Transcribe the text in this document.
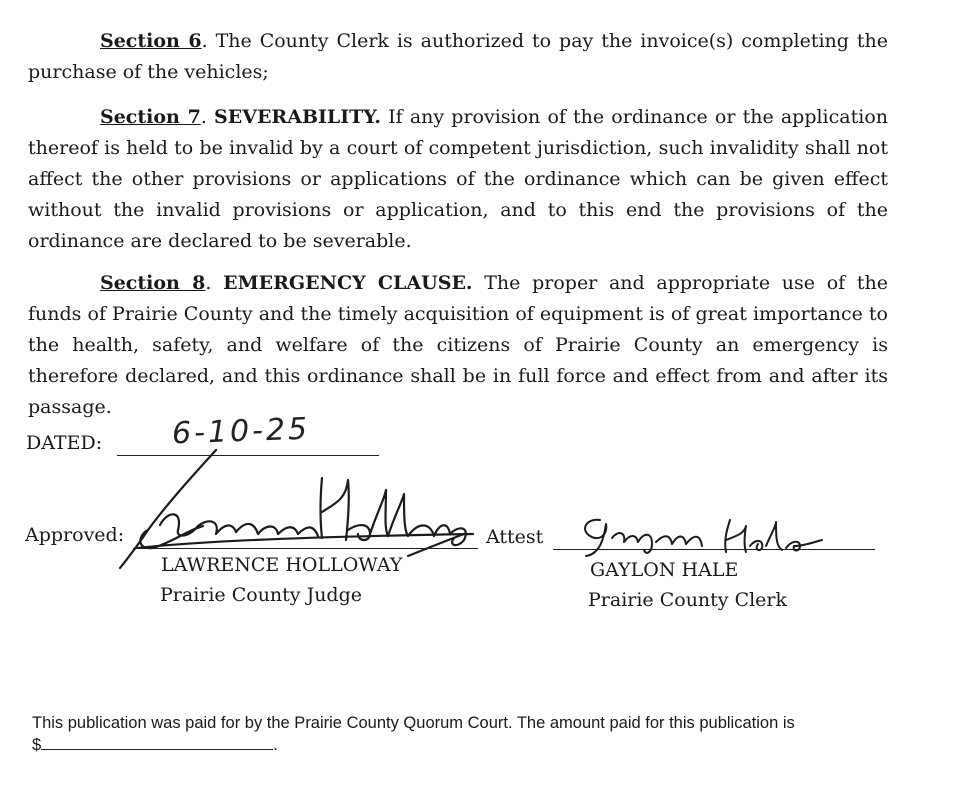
Section 6. The County Clerk is authorized to pay the invoice(s) completing the purchase of the vehicles;

Section 7. SEVERABILITY. If any provision of the ordinance or the application thereof is held to be invalid by a court of competent jurisdiction, such invalidity shall not affect the other provisions or applications of the ordinance which can be given effect without the invalid provisions or application, and to this end the provisions of the ordinance are declared to be severable.

Section 8. EMERGENCY CLAUSE. The proper and appropriate use of the funds of Prairie County and the timely acquisition of equipment is of great importance to the health, safety, and welfare of the citizens of Prairie County an emergency is therefore declared, and this ordinance shall be in full force and effect from and after its passage.

DATED: 6-10-25
Approved:
LAWRENCE HOLLOWAY
Prairie County Judge
Attest
GAYLON HALE
Prairie County Clerk

This publication was paid for by the Prairie County Quorum Court. The amount paid for this publication is
$	.
